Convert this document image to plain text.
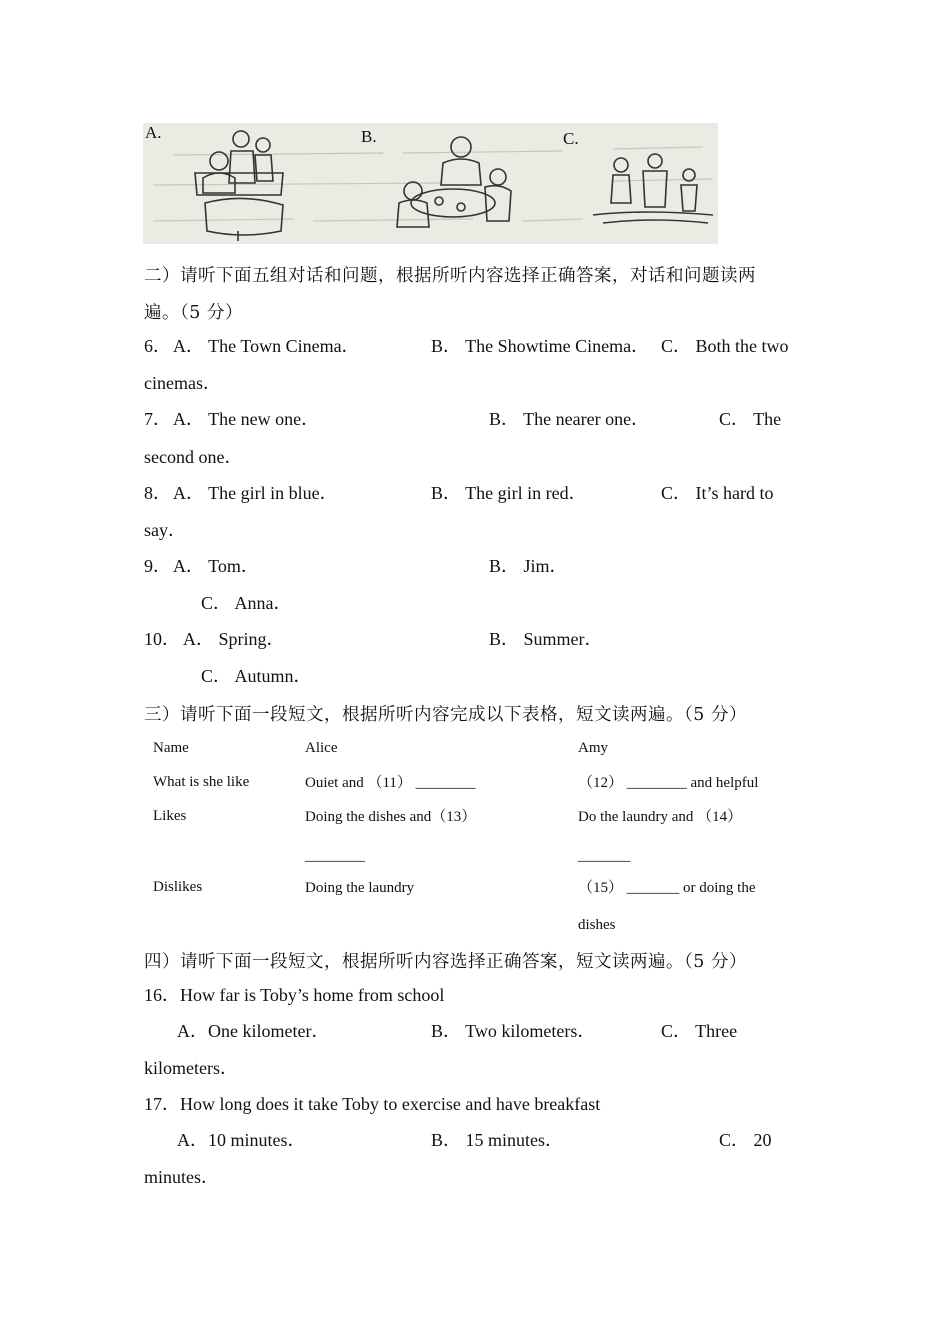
A.	B.	C.
二）请听下面五组对话和问题，根据所听内容选择正确答案，对话和问题读两
遍。（5 分）
6． A． The Town Cinema．	B． The Showtime Cinema． C． Both the two
cinemas．
7． A． The new one．	B． The nearer one．	C． The
second one．
8． A． The girl in blue．	B． The girl in red．	C． It’s hard to
say．
9． A． Tom．	B． Jim．
C． Anna．
10． A． Spring．	B． Summer．
C． Autumn．
三）请听下面一段短文，根据所听内容完成以下表格，短文读两遍。（5 分）
Name	Alice	Amy
What is she like	Ouiet and （11） ________	（12） ________ and helpful
Likes	Doing the dishes and（13）	Do the laundry and （14）
________	_______
Dislikes	Doing the laundry	（15） _______ or doing the
dishes
四）请听下面一段短文，根据所听内容选择正确答案，短文读两遍。（5 分）
16．How far is Toby’s home from school
A．One kilometer．	B． Two kilometers．	C． Three
kilometers．
17．How long does it take Toby to exercise and have breakfast
A．10 minutes．	B． 15 minutes．	C． 20
minutes．
